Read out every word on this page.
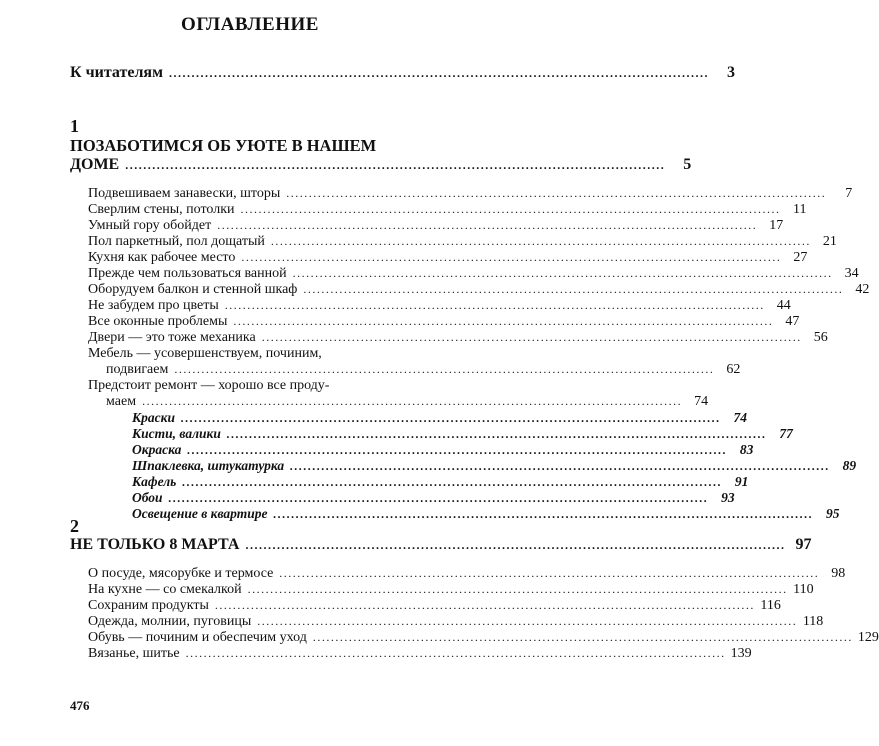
ОГЛАВЛЕНИЕ
К читателям ........................................................................................................................	3
1
ПОЗАБОТИМСЯ ОБ УЮТЕ В НАШЕМ
ДОМЕ ........................................................................................................................	5
Подвешиваем занавески, шторы ........................................................................................................................	7
Сверлим стены, потолки ........................................................................................................................ 11
Умный гору обойдет ........................................................................................................................ 17
Пол паркетный, пол дощатый ........................................................................................................................ 21
Кухня как рабочее место ........................................................................................................................ 27
Прежде чем пользоваться ванной ........................................................................................................................ 34
Оборудуем балкон и стенной шкаф ........................................................................................................................ 42
Не забудем про цветы ........................................................................................................................ 44
Все оконные проблемы ........................................................................................................................ 47
Двери — это тоже механика ........................................................................................................................ 56
Мебель — усовершенствуем, починим,
подвигаем ........................................................................................................................ 62
Предстоит ремонт — хорошо все проду-
маем ........................................................................................................................ 74
Краски ........................................................................................................................ 74
Кисти, валики ........................................................................................................................ 77
Окраска ........................................................................................................................ 83
Шпаклевка, штукатурка ........................................................................................................................ 89
Кафель ........................................................................................................................ 91
Обои ........................................................................................................................ 93
Освещение в квартире ........................................................................................................................ 95
2
НЕ ТОЛЬКО 8 МАРТА ........................................................................................................................ 97
О посуде, мясорубке и термосе ........................................................................................................................ 98
На кухне — со смекалкой ........................................................................................................................ 110
Сохраним продукты ........................................................................................................................ 116
Одежда, молнии, пуговицы ........................................................................................................................ 118
Обувь — починим и обеспечим уход ........................................................................................................................ 129
Вязанье, шитье ........................................................................................................................ 139
476
